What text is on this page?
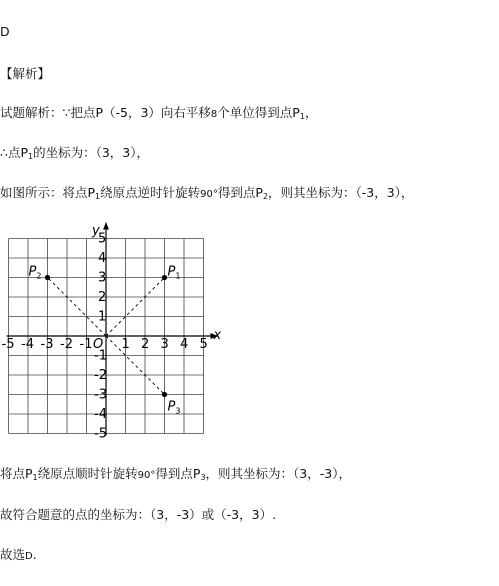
D
【解析】
试题解析：∵把点P（-5，3）向右平移8个单位得到点$P_1$，
∴点$P_1$的坐标为：（3，3），
如图所示：将点$P_1$绕原点逆时针旋转90°得到点$P_2$，则其坐标为：（-3，3），
x
y
O
-5 -4 -3 -2 -1 1 2 3 4 5
5
4
3
2
1
-1
-2
-3
-4
-5
$P_1$
$P_2$
$P_3$
将点$P_1$绕原点顺时针旋转90°得到点$P_3$，则其坐标为：（3，-3），
故符合题意的点的坐标为：（3，-3）或（-3，3）.
故选D.
